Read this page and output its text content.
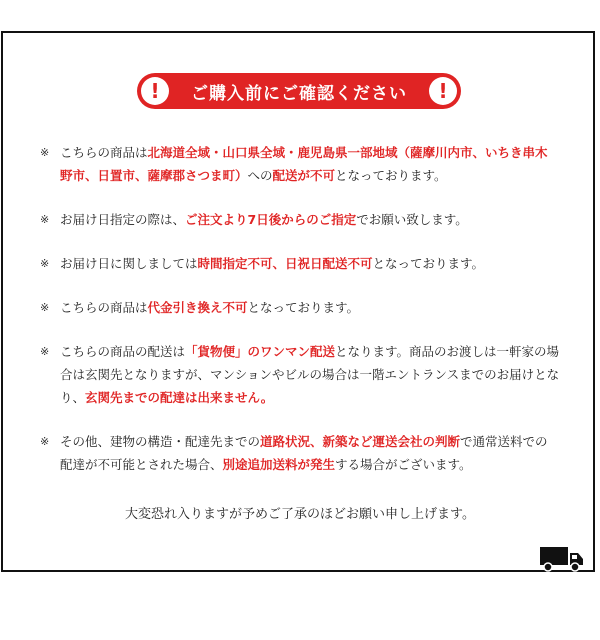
!	ご購入前にご確認ください	!
※ こちらの商品は北海道全域・山口県全域・鹿児島県一部地域（薩摩川内市、いちき串木野市、日置市、薩摩郡さつま町）への配送が不可となっております。
※ お届け日指定の際は、ご注文より7日後からのご指定でお願い致します。
※ お届け日に関しましては時間指定不可、日祝日配送不可となっております。
※ こちらの商品は代金引き換え不可となっております。
※ こちらの商品の配送は「貨物便」のワンマン配送となります。商品のお渡しは一軒家の場合は玄関先となりますが、マンションやビルの場合は一階エントランスまでのお届けとなり、玄関先までの配達は出来ません。
※ その他、建物の構造・配達先までの道路状況、新築など運送会社の判断で通常送料での配達が不可能とされた場合、別途追加送料が発生する場合がございます。
大変恐れ入りますが予めご了承のほどお願い申し上げます。
